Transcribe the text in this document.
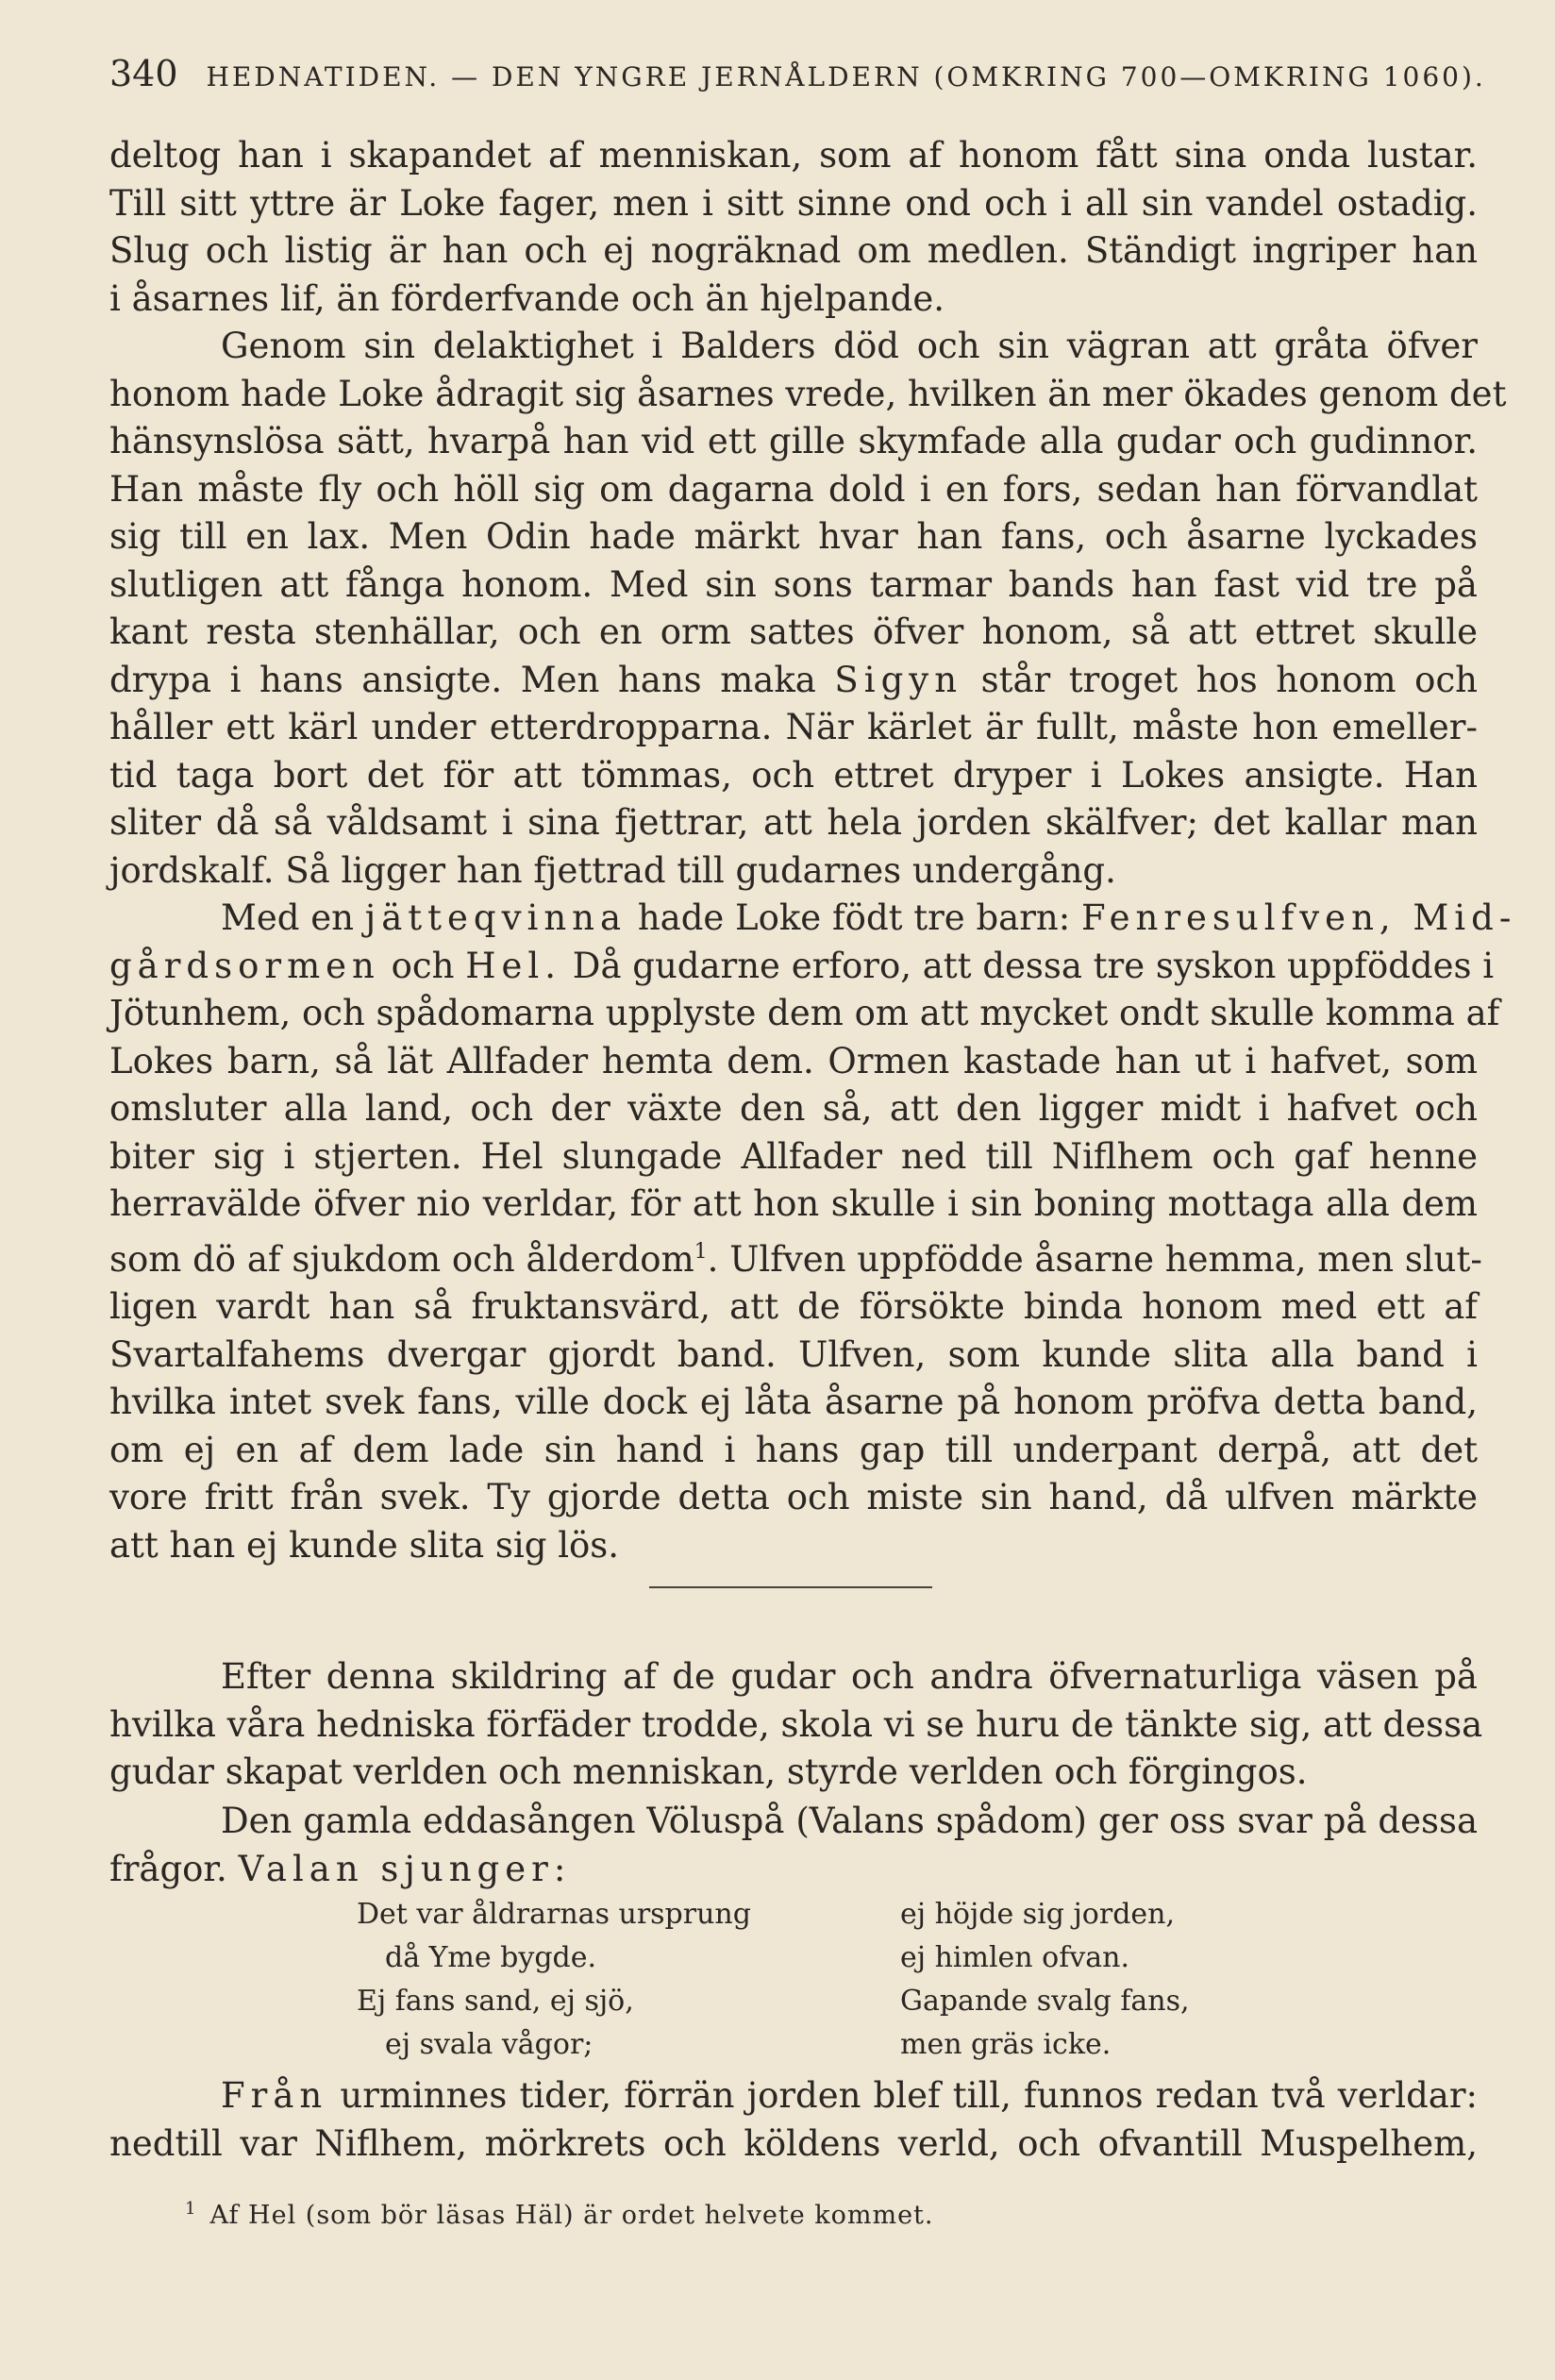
340 HEDNATIDEN. — DEN YNGRE JERNÅLDERN (OMKRING 700—OMKRING 1060).
deltog han i skapandet af menniskan, som af honom fått sina onda lustar.
Till sitt yttre är Loke fager, men i sitt sinne ond och i all sin vandel ostadig.
Slug och listig är han och ej nogräknad om medlen. Ständigt ingriper han
i åsarnes lif, än förderfvande och än hjelpande.
Genom sin delaktighet i Balders död och sin vägran att gråta öfver
honom hade Loke ådragit sig åsarnes vrede, hvilken än mer ökades genom det
hänsynslösa sätt, hvarpå han vid ett gille skymfade alla gudar och gudinnor.
Han måste fly och höll sig om dagarna dold i en fors, sedan han förvandlat
sig till en lax. Men Odin hade märkt hvar han fans, och åsarne lyckades
slutligen att fånga honom. Med sin sons tarmar bands han fast vid tre på
kant resta stenhällar, och en orm sattes öfver honom, så att ettret skulle
drypa i hans ansigte. Men hans maka Sigyn står troget hos honom och
håller ett kärl under etterdropparna. När kärlet är fullt, måste hon emeller-
tid taga bort det för att tömmas, och ettret dryper i Lokes ansigte. Han
sliter då så våldsamt i sina fjettrar, att hela jorden skälfver; det kallar man
jordskalf. Så ligger han fjettrad till gudarnes undergång.
Med en jätteqvinna hade Loke födt tre barn: Fenresulfven, Mid-
gårdsormen och Hel. Då gudarne erforo, att dessa tre syskon uppföddes i
Jötunhem, och spådomarna upplyste dem om att mycket ondt skulle komma af
Lokes barn, så lät Allfader hemta dem. Ormen kastade han ut i hafvet, som
omsluter alla land, och der växte den så, att den ligger midt i hafvet och
biter sig i stjerten. Hel slungade Allfader ned till Niflhem och gaf henne
herravälde öfver nio verldar, för att hon skulle i sin boning mottaga alla dem
som dö af sjukdom och ålderdom$^1$. Ulfven uppfödde åsarne hemma, men slut-
ligen vardt han så fruktansvärd, att de försökte binda honom med ett af
Svartalfahems dvergar gjordt band. Ulfven, som kunde slita alla band i
hvilka intet svek fans, ville dock ej låta åsarne på honom pröfva detta band,
om ej en af dem lade sin hand i hans gap till underpant derpå, att det
vore fritt från svek. Ty gjorde detta och miste sin hand, då ulfven märkte
att han ej kunde slita sig lös.
Efter denna skildring af de gudar och andra öfvernaturliga väsen på
hvilka våra hedniska förfäder trodde, skola vi se huru de tänkte sig, att dessa
gudar skapat verlden och menniskan, styrde verlden och förgingos.
Den gamla eddasången Völuspå (Valans spådom) ger oss svar på dessa
frågor. Valan sjunger:
Det var åldrarnas ursprung
då Yme bygde.
Ej fans sand, ej sjö,
ej svala vågor;
ej höjde sig jorden,
ej himlen ofvan.
Gapande svalg fans,
men gräs icke.
Från urminnes tider, förrän jorden blef till, funnos redan två verldar:
nedtill var Niflhem, mörkrets och köldens verld, och ofvantill Muspelhem,
$^1$ Af Hel (som bör läsas Häl) är ordet helvete kommet.
